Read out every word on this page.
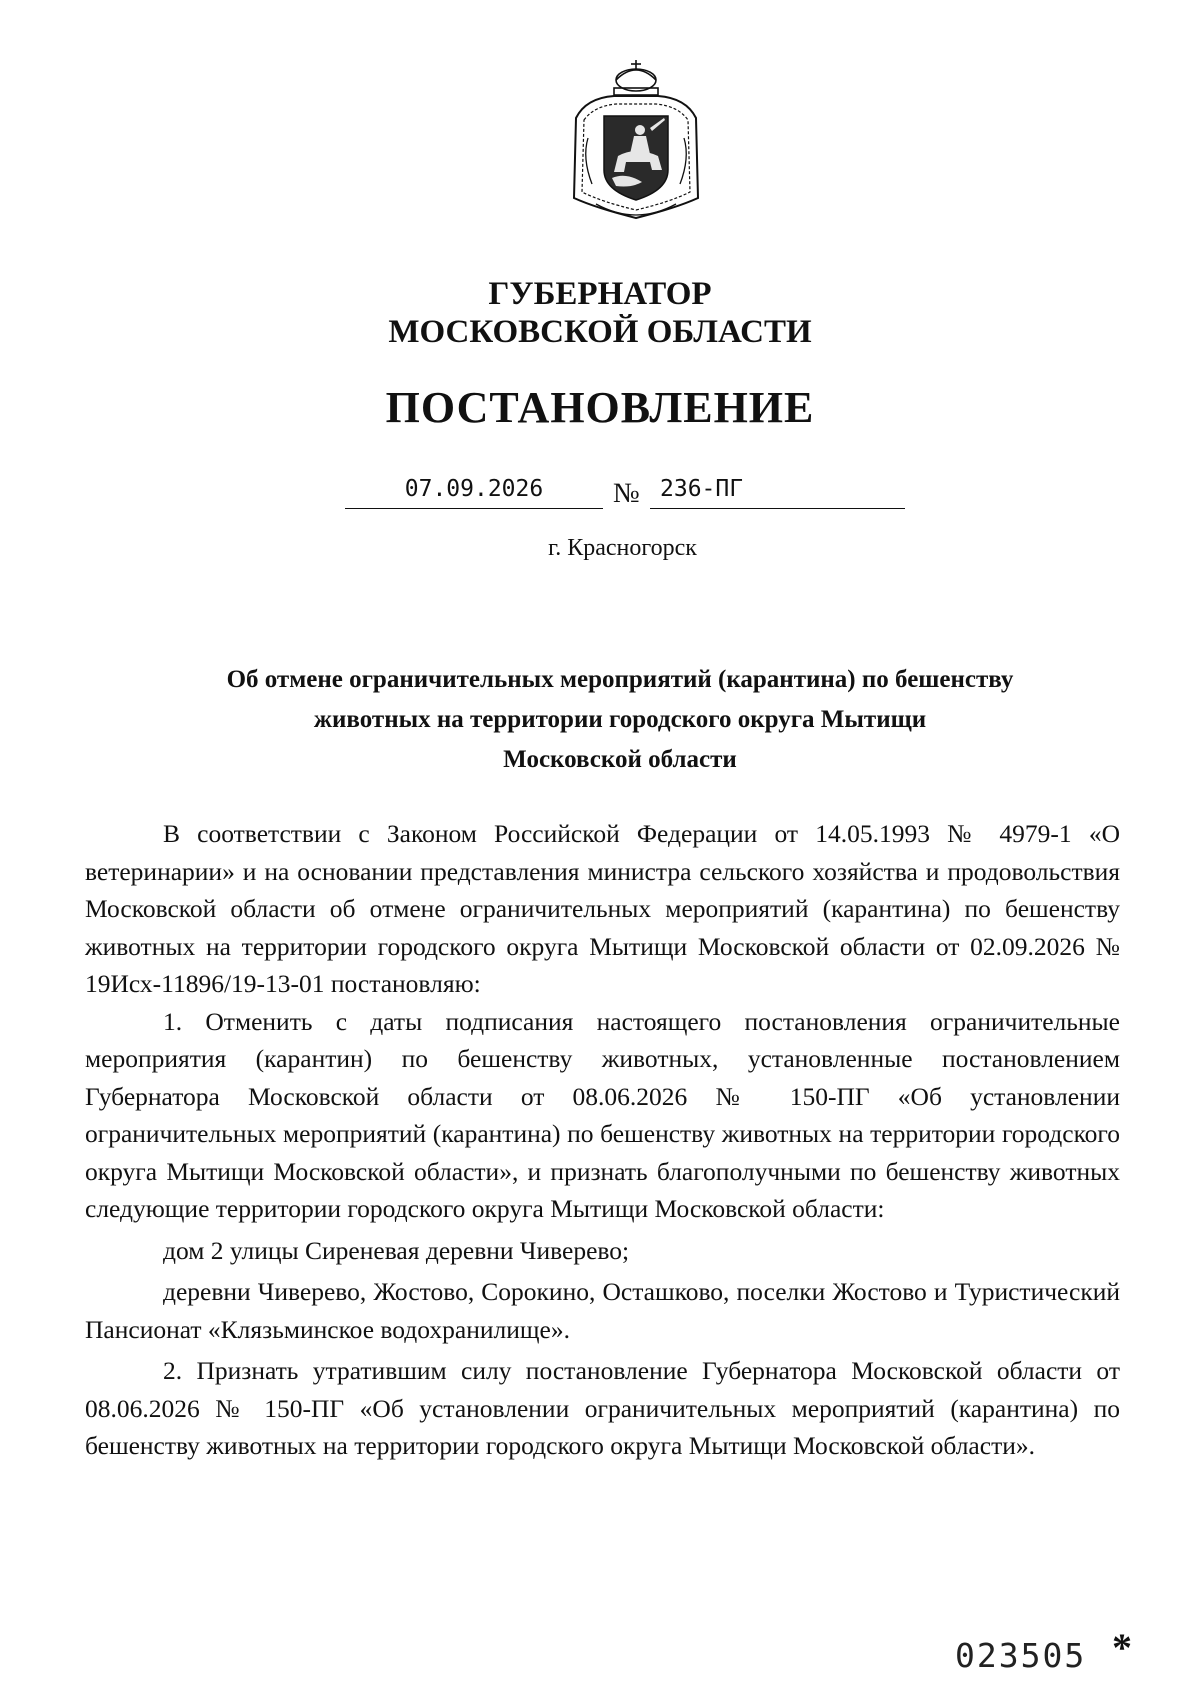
ГУБЕРНАТОР
МОСКОВСКОЙ ОБЛАСТИ
ПОСТАНОВЛЕНИЕ
07.09.2026	№ 236-ПГ
г. Красногорск
Об отмене ограничительных мероприятий (карантина) по бешенству
животных на территории городского округа Мытищи
Московской области

В соответствии с Законом Российской Федерации от 14.05.1993 № 4979-1 «О ветеринарии» и на основании представления министра сельского хозяйства и продовольствия Московской области об отмене ограничительных мероприятий (карантина) по бешенству животных на территории городского округа Мытищи Московской области от 02.09.2026 № 19Исх-11896/19-13-01 постановляю:

1. Отменить с даты подписания настоящего постановления ограничительные мероприятия (карантин) по бешенству животных, установленные постановлением Губернатора Московской области от 08.06.2026 № 150-ПГ «Об установлении ограничительных мероприятий (карантина) по бешенству животных на территории городского округа Мытищи Московской области», и признать благополучными по бешенству животных следующие территории городского округа Мытищи Московской области:

дом 2 улицы Сиреневая деревни Чиверево;

деревни Чиверево, Жостово, Сорокино, Осташково, поселки Жостово и Туристический Пансионат «Клязьминское водохранилище».

2. Признать утратившим силу постановление Губернатора Московской области от 08.06.2026 № 150-ПГ «Об установлении ограничительных мероприятий (карантина) по бешенству животных на территории городского округа Мытищи Московской области».

023505 *
